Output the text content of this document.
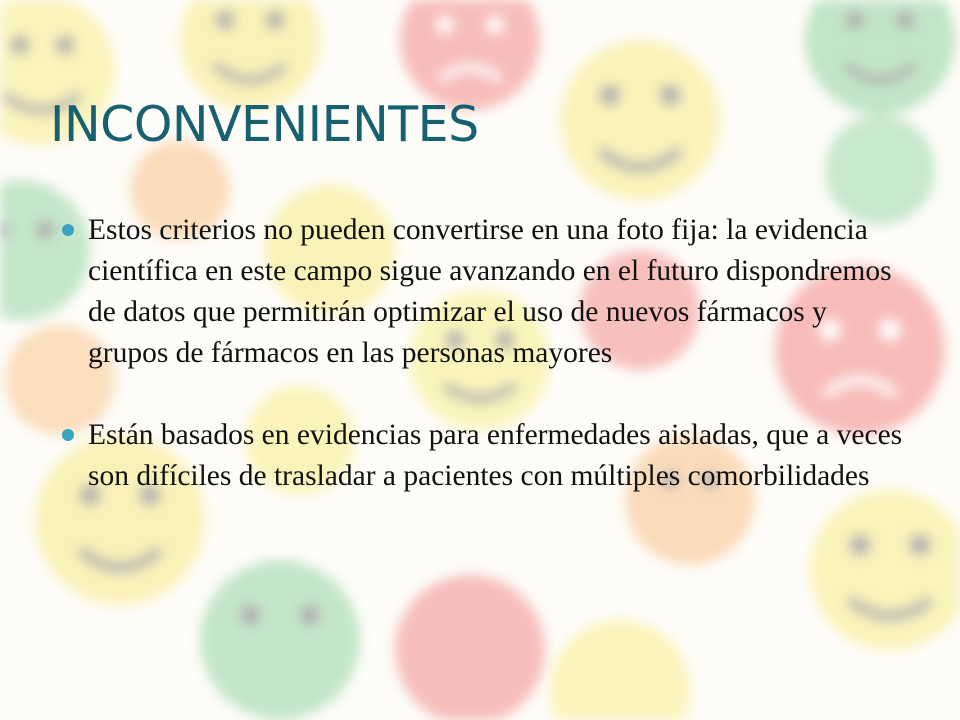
INCONVENIENTES
Estos criterios no pueden convertirse en una foto fija: la evidencia científica en este campo sigue avanzando en el futuro dispondremos de datos que permitirán optimizar el uso de nuevos fármacos y grupos de fármacos en las personas mayores
Están basados en evidencias para enfermedades aisladas, que a veces son difíciles de trasladar a pacientes con múltiples comorbilidades
